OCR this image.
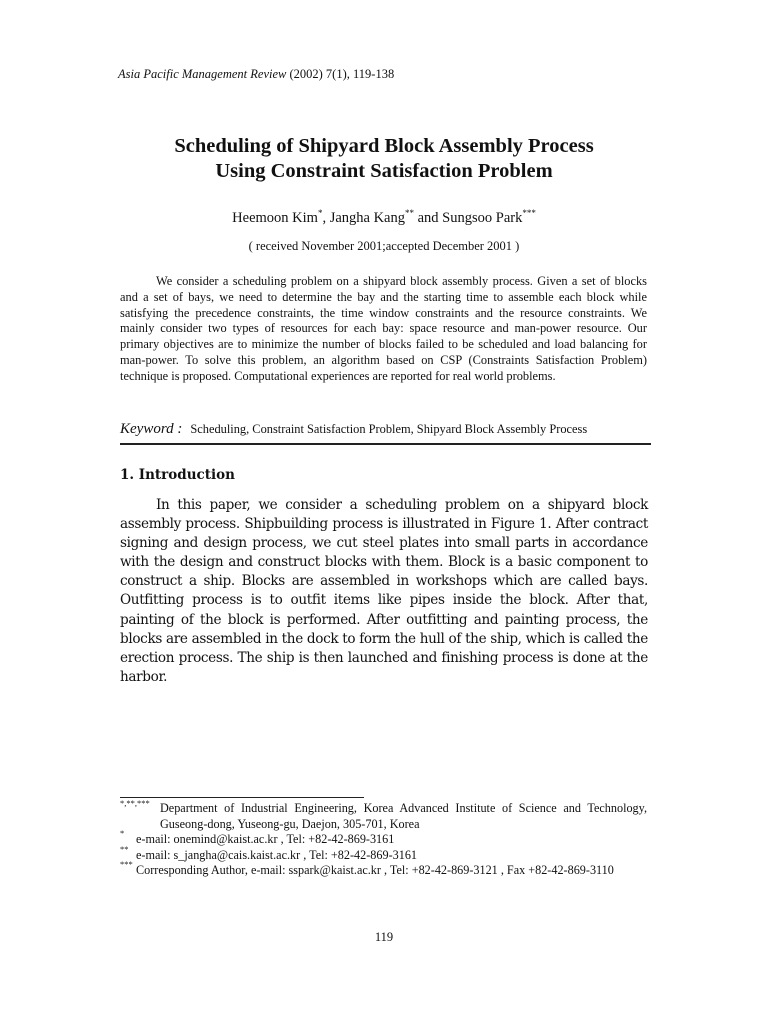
Asia Pacific Management Review (2002) 7(1), 119-138
Scheduling of Shipyard Block Assembly Process
Using Constraint Satisfaction Problem
Heemoon Kim*, Jangha Kang** and Sungsoo Park***
( received November 2001;accepted December 2001 )

We consider a scheduling problem on a shipyard block assembly process. Given a set of blocks and a set of bays, we need to determine the bay and the starting time to assemble each block while satisfying the precedence constraints, the time window constraints and the resource constraints. We mainly consider two types of resources for each bay: space resource and man-power resource. Our primary objectives are to minimize the number of blocks failed to be scheduled and load balancing for man-power. To solve this problem, an algorithm based on CSP (Constraints Satisfaction Problem) technique is proposed. Computational experiences are reported for real world problems.

Keyword : Scheduling, Constraint Satisfaction Problem, Shipyard Block Assembly Process
1. Introduction

In this paper, we consider a scheduling problem on a shipyard block assembly process. Shipbuilding process is illustrated in Figure 1. After contract signing and design process, we cut steel plates into small parts in accordance with the design and construct blocks with them. Block is a basic component to construct a ship. Blocks are assembled in workshops which are called bays. Outfitting process is to outfit items like pipes inside the block. After that, painting of the block is performed. After outfitting and painting process, the blocks are assembled in the dock to form the hull of the ship, which is called the erection process. The ship is then launched and finishing process is done at the harbor.

*,**,*** Department of Industrial Engineering, Korea Advanced Institute of Science and Technology, Guseong-dong, Yuseong-gu, Daejon, 305-701, Korea
* e-mail: onemind@kaist.ac.kr , Tel: +82-42-869-3161
** e-mail: s_jangha@cais.kaist.ac.kr , Tel: +82-42-869-3161
*** Corresponding Author, e-mail: sspark@kaist.ac.kr , Tel: +82-42-869-3121 , Fax +82-42-869-3110
119
